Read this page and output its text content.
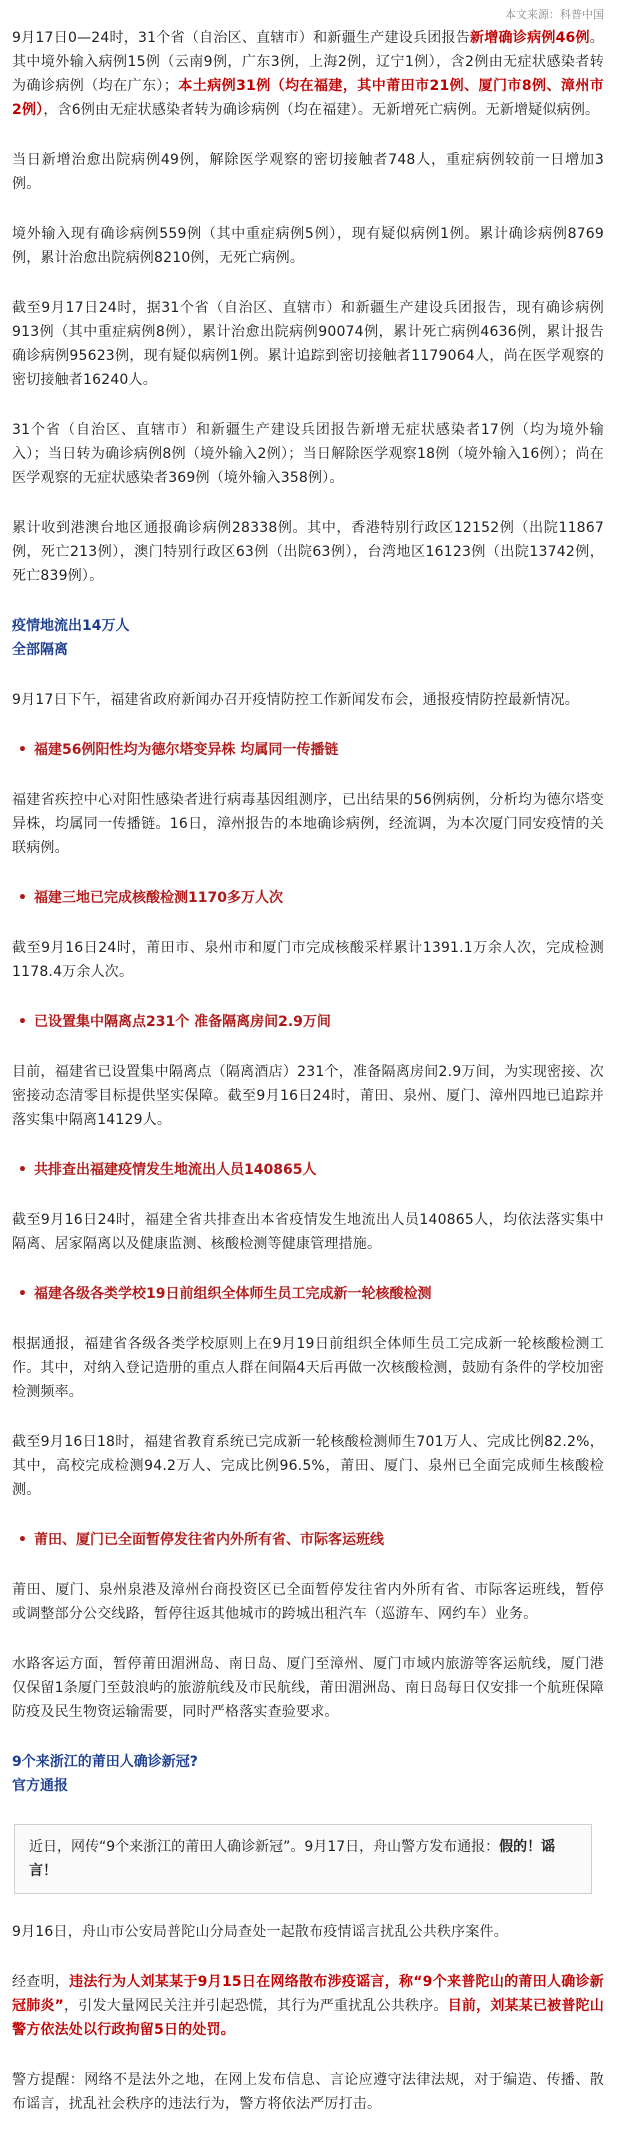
本文来源：科普中国

9月17日0—24时，31个省（自治区、直辖市）和新疆生产建设兵团报告新增确诊病例46例。其中境外输入病例15例（云南9例，广东3例，上海2例，辽宁1例），含2例由无症状感染者转为确诊病例（均在广东）；本土病例31例（均在福建，其中莆田市21例、厦门市8例、漳州市2例），含6例由无症状感染者转为确诊病例（均在福建）。无新增死亡病例。无新增疑似病例。

当日新增治愈出院病例49例，解除医学观察的密切接触者748人，重症病例较前一日增加3例。

境外输入现有确诊病例559例（其中重症病例5例），现有疑似病例1例。累计确诊病例8769例，累计治愈出院病例8210例，无死亡病例。

截至9月17日24时，据31个省（自治区、直辖市）和新疆生产建设兵团报告，现有确诊病例913例（其中重症病例8例），累计治愈出院病例90074例，累计死亡病例4636例，累计报告确诊病例95623例，现有疑似病例1例。累计追踪到密切接触者1179064人，尚在医学观察的密切接触者16240人。

31个省（自治区、直辖市）和新疆生产建设兵团报告新增无症状感染者17例（均为境外输入）；当日转为确诊病例8例（境外输入2例）；当日解除医学观察18例（境外输入16例）；尚在医学观察的无症状感染者369例（境外输入358例）。

累计收到港澳台地区通报确诊病例28338例。其中，香港特别行政区12152例（出院11867例，死亡213例），澳门特别行政区63例（出院63例），台湾地区16123例（出院13742例，死亡839例）。

疫情地流出14万人
全部隔离

9月17日下午，福建省政府新闻办召开疫情防控工作新闻发布会，通报疫情防控最新情况。

• 福建56例阳性均为德尔塔变异株 均属同一传播链

福建省疾控中心对阳性感染者进行病毒基因组测序，已出结果的56例病例，分析均为德尔塔变异株，均属同一传播链。16日，漳州报告的本地确诊病例，经流调，为本次厦门同安疫情的关联病例。

• 福建三地已完成核酸检测1170多万人次

截至9月16日24时，莆田市、泉州市和厦门市完成核酸采样累计1391.1万余人次，完成检测1178.4万余人次。

• 已设置集中隔离点231个 准备隔离房间2.9万间

目前，福建省已设置集中隔离点（隔离酒店）231个，准备隔离房间2.9万间，为实现密接、次密接动态清零目标提供坚实保障。截至9月16日24时，莆田、泉州、厦门、漳州四地已追踪并落实集中隔离14129人。

• 共排查出福建疫情发生地流出人员140865人

截至9月16日24时，福建全省共排查出本省疫情发生地流出人员140865人，均依法落实集中隔离、居家隔离以及健康监测、核酸检测等健康管理措施。

• 福建各级各类学校19日前组织全体师生员工完成新一轮核酸检测

根据通报，福建省各级各类学校原则上在9月19日前组织全体师生员工完成新一轮核酸检测工作。其中，对纳入登记造册的重点人群在间隔4天后再做一次核酸检测，鼓励有条件的学校加密检测频率。

截至9月16日18时，福建省教育系统已完成新一轮核酸检测师生701万人、完成比例82.2%，其中，高校完成检测94.2万人、完成比例96.5%，莆田、厦门、泉州已全面完成师生核酸检测。

• 莆田、厦门已全面暂停发往省内外所有省、市际客运班线

莆田、厦门、泉州泉港及漳州台商投资区已全面暂停发往省内外所有省、市际客运班线，暂停或调整部分公交线路，暂停往返其他城市的跨城出租汽车（巡游车、网约车）业务。

水路客运方面，暂停莆田湄洲岛、南日岛、厦门至漳州、厦门市域内旅游等客运航线，厦门港仅保留1条厦门至鼓浪屿的旅游航线及市民航线，莆田湄洲岛、南日岛每日仅安排一个航班保障防疫及民生物资运输需要，同时严格落实查验要求。

9个来浙江的莆田人确诊新冠?
官方通报
近日，网传“9个来浙江的莆田人确诊新冠”。9月17日，舟山警方发布通报：假的！谣言！

9月16日，舟山市公安局普陀山分局查处一起散布疫情谣言扰乱公共秩序案件。

经查明，违法行为人刘某某于9月15日在网络散布涉疫谣言，称“9个来普陀山的莆田人确诊新冠肺炎”，引发大量网民关注并引起恐慌，其行为严重扰乱公共秩序。目前，刘某某已被普陀山警方依法处以行政拘留5日的处罚。

警方提醒：网络不是法外之地，在网上发布信息、言论应遵守法律法规，对于编造、传播、散布谣言，扰乱社会秩序的违法行为，警方将依法严厉打击。
